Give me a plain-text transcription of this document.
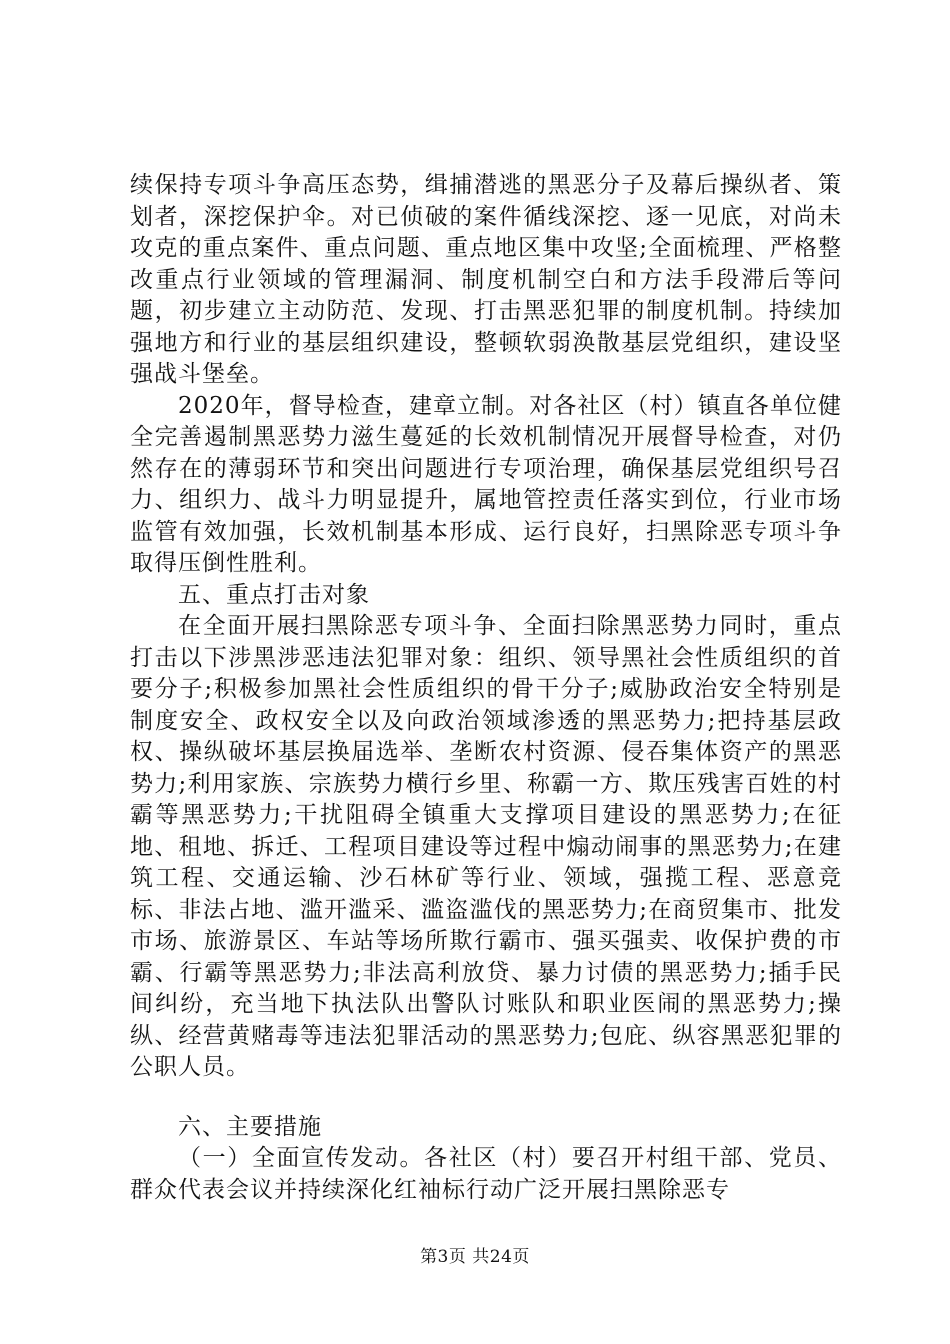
续保持专项斗争高压态势，缉捕潜逃的黑恶分子及幕后操纵者、策划者，深挖保护伞。对已侦破的案件循线深挖、逐一见底，对尚未攻克的重点案件、重点问题、重点地区集中攻坚;全面梳理、严格整改重点行业领域的管理漏洞、制度机制空白和方法手段滞后等问题，初步建立主动防范、发现、打击黑恶犯罪的制度机制。持续加强地方和行业的基层组织建设，整顿软弱涣散基层党组织，建设坚强战斗堡垒。

2020年，督导检查，建章立制。对各社区（村）镇直各单位健全完善遏制黑恶势力滋生蔓延的长效机制情况开展督导检查，对仍然存在的薄弱环节和突出问题进行专项治理，确保基层党组织号召力、组织力、战斗力明显提升，属地管控责任落实到位，行业市场监管有效加强，长效机制基本形成、运行良好，扫黑除恶专项斗争取得压倒性胜利。

五、重点打击对象

在全面开展扫黑除恶专项斗争、全面扫除黑恶势力同时，重点打击以下涉黑涉恶违法犯罪对象：组织、领导黑社会性质组织的首要分子;积极参加黑社会性质组织的骨干分子;威胁政治安全特别是制度安全、政权安全以及向政治领域渗透的黑恶势力;把持基层政权、操纵破坏基层换届选举、垄断农村资源、侵吞集体资产的黑恶势力;利用家族、宗族势力横行乡里、称霸一方、欺压残害百姓的村霸等黑恶势力;干扰阻碍全镇重大支撑项目建设的黑恶势力;在征地、租地、拆迁、工程项目建设等过程中煽动闹事的黑恶势力;在建筑工程、交通运输、沙石林矿等行业、领域，强揽工程、恶意竞标、非法占地、滥开滥采、滥盗滥伐的黑恶势力;在商贸集市、批发市场、旅游景区、车站等场所欺行霸市、强买强卖、收保护费的市霸、行霸等黑恶势力;非法高利放贷、暴力讨债的黑恶势力;插手民间纠纷，充当地下执法队出警队讨账队和职业医闹的黑恶势力;操纵、经营黄赌毒等违法犯罪活动的黑恶势力;包庇、纵容黑恶犯罪的公职人员。

六、主要措施

（一）全面宣传发动。各社区（村）要召开村组干部、党员、群众代表会议并持续深化红袖标行动广泛开展扫黑除恶专

第3页 共24页
